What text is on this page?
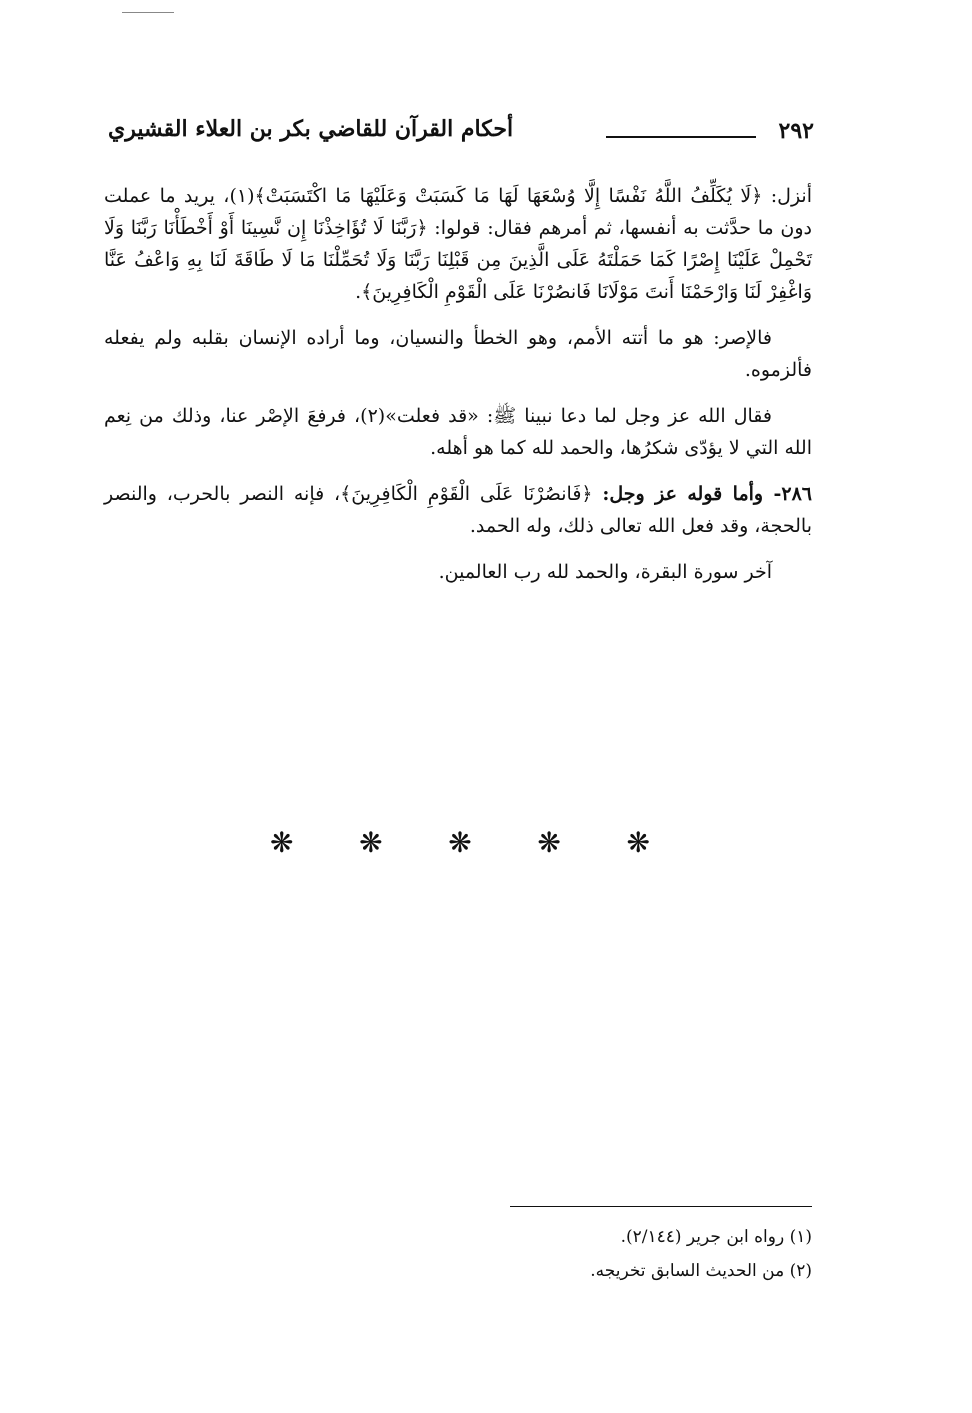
٢٩٢
أحكام القرآن للقاضي بكر بن العلاء القشيري

أنزل: ﴿لَا يُكَلِّفُ اللَّهُ نَفْسًا إِلَّا وُسْعَهَا لَهَا مَا كَسَبَتْ وَعَلَيْهَا مَا اكْتَسَبَتْ﴾(١)، يريد ما عملت دون ما حدَّثت به أنفسها، ثم أمرهم فقال: قولوا: ﴿رَبَّنَا لَا تُؤَاخِذْنَا إِن نَّسِينَا أَوْ أَخْطَأْنَا رَبَّنَا وَلَا تَحْمِلْ عَلَيْنَا إِصْرًا كَمَا حَمَلْتَهُ عَلَى الَّذِينَ مِن قَبْلِنَا رَبَّنَا وَلَا تُحَمِّلْنَا مَا لَا طَاقَةَ لَنَا بِهِ وَاعْفُ عَنَّا وَاغْفِرْ لَنَا وَارْحَمْنَا أَنتَ مَوْلَانَا فَانصُرْنَا عَلَى الْقَوْمِ الْكَافِرِينَ﴾.

فالإصر: هو ما أتته الأمم، وهو الخطأ والنسيان، وما أراده الإنسان بقلبه ولم يفعله فألزموه.

فقال الله عز وجل لما دعا نبينا ﷺ: «قد فعلت»(٢)، فرفعَ الإصْر عنا، وذلك من نِعم الله التي لا يؤدّى شكرُها، والحمد لله كما هو أهله.

٢٨٦- وأما قوله عز وجل: ﴿فَانصُرْنَا عَلَى الْقَوْمِ الْكَافِرِينَ﴾، فإنه النصر بالحرب، والنصر بالحجة، وقد فعل الله تعالى ذلك، وله الحمد.

آخر سورة البقرة، والحمد لله رب العالمين.

❋
❋
❋
❋
❋
(١) رواه ابن جرير (٢/١٤٤).
(٢) من الحديث السابق تخريجه.
